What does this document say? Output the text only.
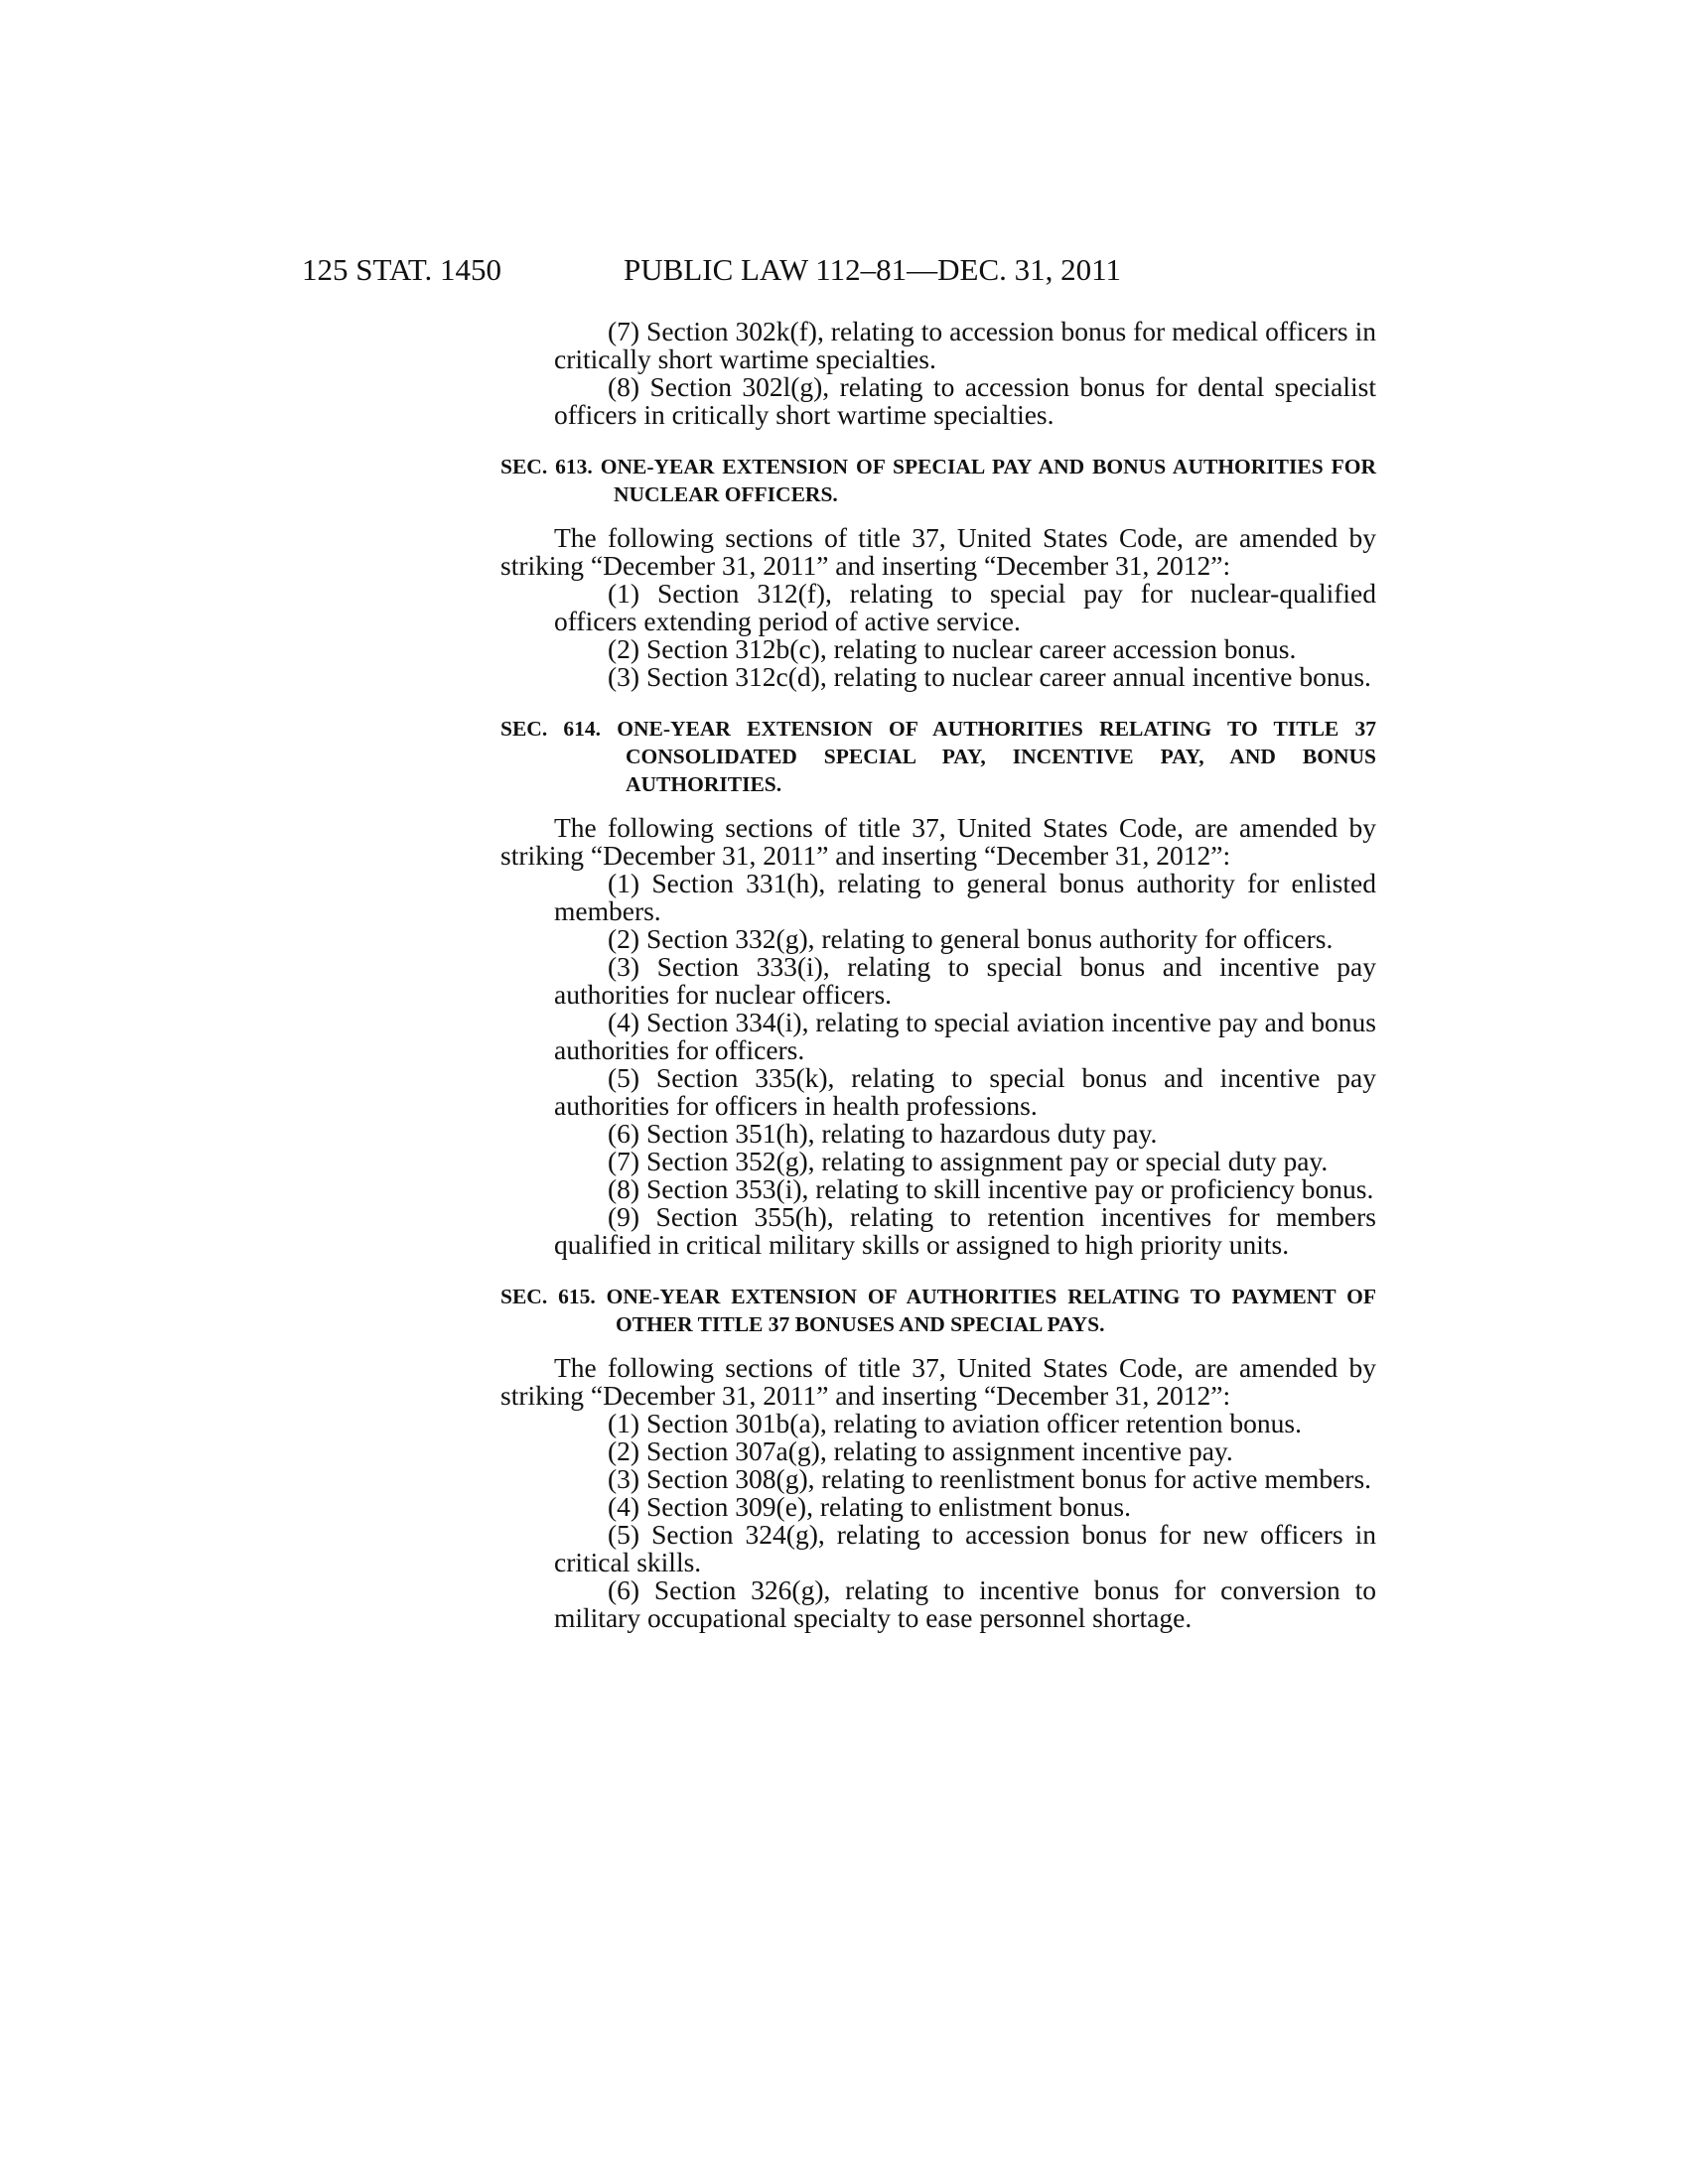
125 STAT. 1450	PUBLIC LAW 112–81—DEC. 31, 2011

(7) Section 302k(f), relating to accession bonus for medical officers in critically short wartime specialties.

(8) Section 302l(g), relating to accession bonus for dental specialist officers in critically short wartime specialties.

SEC. 613. ONE-YEAR EXTENSION OF SPECIAL PAY AND BONUS AUTHORITIES FOR NUCLEAR OFFICERS.

The following sections of title 37, United States Code, are amended by striking “December 31, 2011” and inserting “December 31, 2012”:

(1) Section 312(f), relating to special pay for nuclear-qualified officers extending period of active service.

(2) Section 312b(c), relating to nuclear career accession bonus.

(3) Section 312c(d), relating to nuclear career annual incentive bonus.

SEC. 614. ONE-YEAR EXTENSION OF AUTHORITIES RELATING TO TITLE 37 CONSOLIDATED SPECIAL PAY, INCENTIVE PAY, AND BONUS AUTHORITIES.

The following sections of title 37, United States Code, are amended by striking “December 31, 2011” and inserting “December 31, 2012”:

(1) Section 331(h), relating to general bonus authority for enlisted members.

(2) Section 332(g), relating to general bonus authority for officers.

(3) Section 333(i), relating to special bonus and incentive pay authorities for nuclear officers.

(4) Section 334(i), relating to special aviation incentive pay and bonus authorities for officers.

(5) Section 335(k), relating to special bonus and incentive pay authorities for officers in health professions.

(6) Section 351(h), relating to hazardous duty pay.

(7) Section 352(g), relating to assignment pay or special duty pay.

(8) Section 353(i), relating to skill incentive pay or proficiency bonus.

(9) Section 355(h), relating to retention incentives for members qualified in critical military skills or assigned to high priority units.

SEC. 615. ONE-YEAR EXTENSION OF AUTHORITIES RELATING TO PAYMENT OF OTHER TITLE 37 BONUSES AND SPECIAL PAYS.

The following sections of title 37, United States Code, are amended by striking “December 31, 2011” and inserting “December 31, 2012”:

(1) Section 301b(a), relating to aviation officer retention bonus.

(2) Section 307a(g), relating to assignment incentive pay.

(3) Section 308(g), relating to reenlistment bonus for active members.

(4) Section 309(e), relating to enlistment bonus.

(5) Section 324(g), relating to accession bonus for new officers in critical skills.

(6) Section 326(g), relating to incentive bonus for conversion to military occupational specialty to ease personnel shortage.
